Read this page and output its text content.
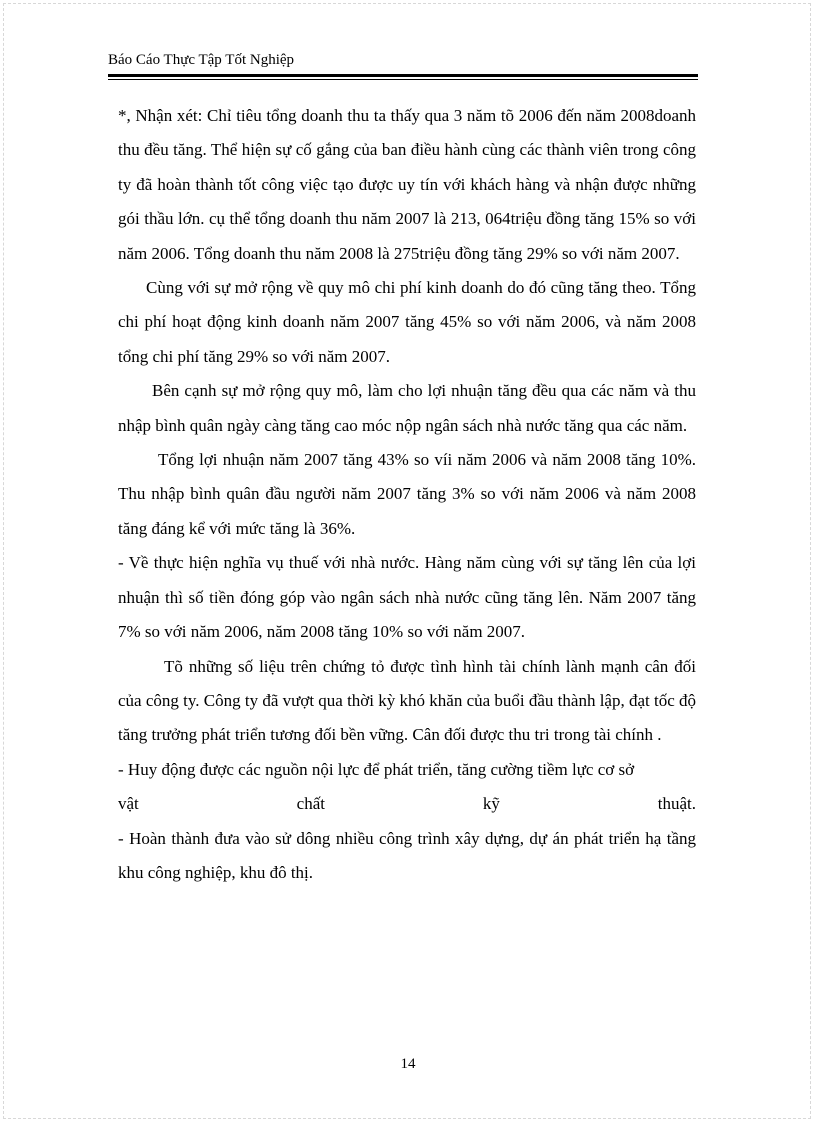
Báo Cáo Thực Tập Tốt Nghiệp

*, Nhận xét: Chỉ tiêu tổng doanh thu ta thấy qua 3 năm tõ 2006 đến năm 2008doanh thu đều tăng. Thể hiện sự cố gắng của ban điều hành cùng các thành viên trong công ty đã hoàn thành tốt công việc tạo được uy tín với khách hàng và nhận được những gói thầu lớn. cụ thể tổng doanh thu năm 2007 là 213, 064triệu đồng tăng 15% so với năm 2006. Tổng doanh thu năm 2008 là 275triệu đồng tăng 29% so với năm 2007.

Cùng với sự mở rộng về quy mô chi phí kinh doanh do đó cũng tăng theo. Tổng chi phí hoạt động kinh doanh năm 2007 tăng 45% so với năm 2006, và năm 2008 tổng chi phí tăng 29% so với năm 2007.

Bên cạnh sự mở rộng quy mô, làm cho lợi nhuận tăng đều qua các năm và thu nhập bình quân ngày càng tăng cao móc nộp ngân sách nhà nước tăng qua các năm.

Tổng lợi nhuận năm 2007 tăng 43% so víi năm 2006 và năm 2008 tăng 10%. Thu nhập bình quân đầu người năm 2007 tăng 3% so với năm 2006 và năm 2008 tăng đáng kể với mức tăng là 36%.

- Về thực hiện nghĩa vụ thuế với nhà nước. Hàng năm cùng với sự tăng lên của lợi nhuận thì số tiền đóng góp vào ngân sách nhà nước cũng tăng lên. Năm 2007 tăng 7% so với năm 2006, năm 2008 tăng 10% so với năm 2007.

Tõ những số liệu trên chứng tỏ được tình hình tài chính lành mạnh cân đối của công ty. Công ty đã vượt qua thời kỳ khó khăn của buổi đầu thành lập, đạt tốc độ tăng trưởng phát triển tương đối bền vững. Cân đối được thu tri trong tài chính .

- Huy động được các nguồn nội lực để phát triển, tăng cường tiềm lực cơ sở

vật chất kỹ thuật.

- Hoàn thành đưa vào sử dông nhiều công trình xây dựng, dự án phát triển hạ tầng khu công nghiệp, khu đô thị.

14
